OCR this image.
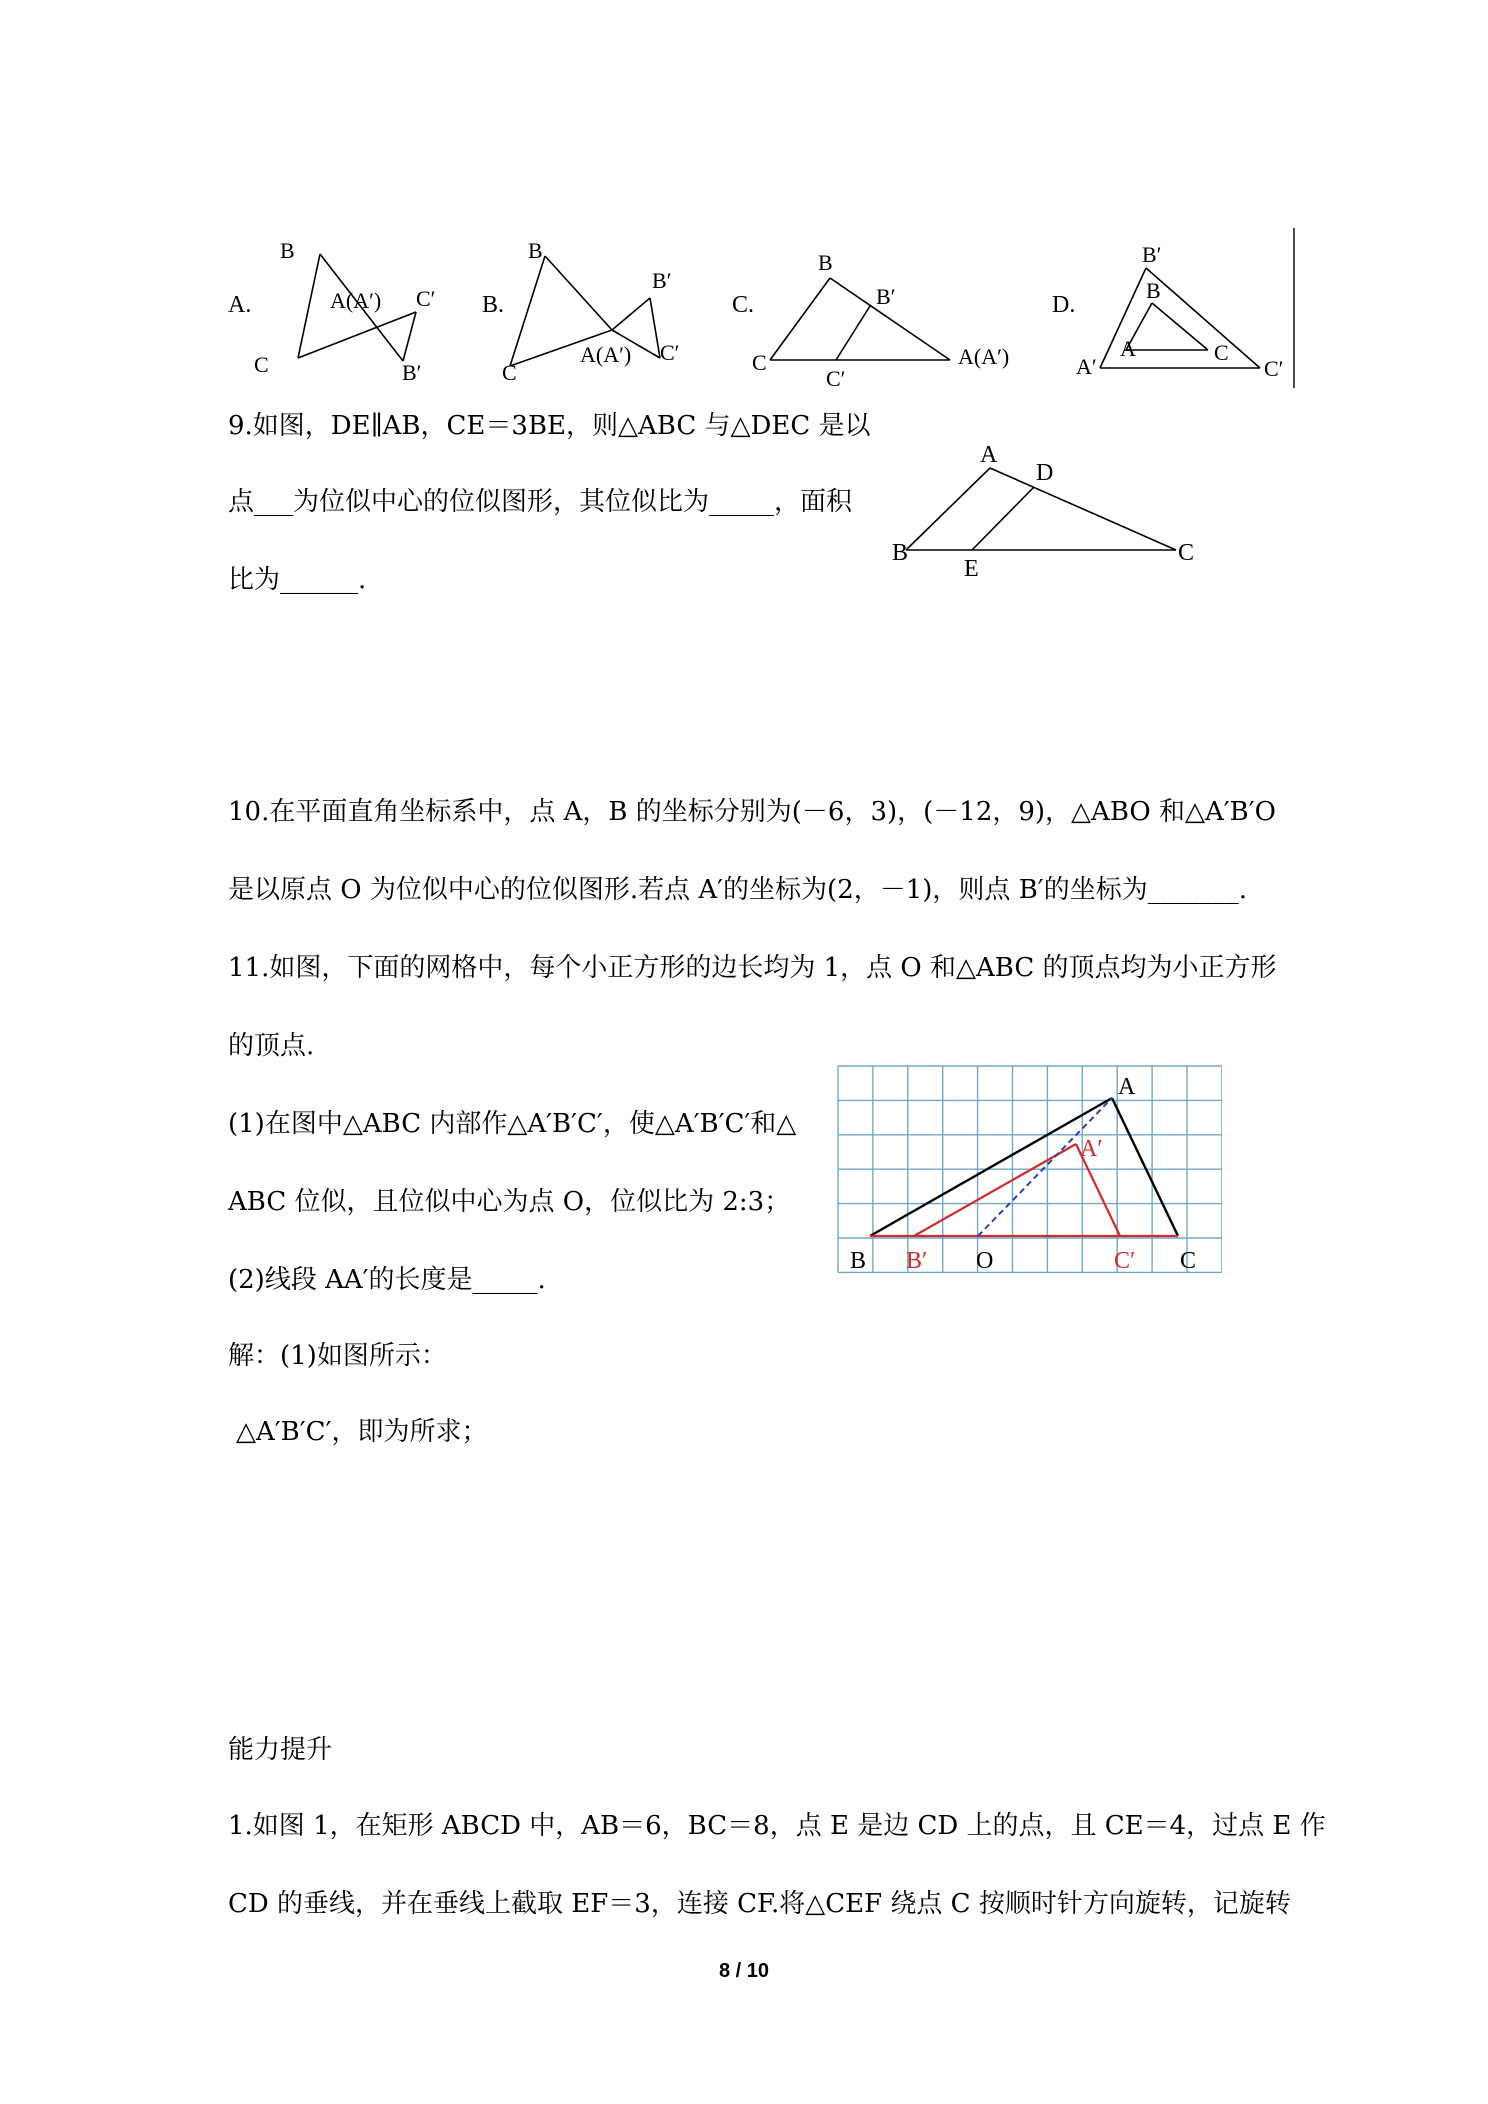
A.
B
A(A′) C′
C	B′
B.
B
B′
C
A(A′) C′
C.
B
B′
C
C′
A(A′)
D.
B′
B
A	C
A′	C′
9.如图，DE∥AB，CE＝3BE，则△ABC 与△DEC 是以
点___为位似中心的位似图形，其位似比为_____，面积
比为______.
A
D
B
E
C
10.在平面直角坐标系中，点 A，B 的坐标分别为(－6，3)，(－12，9)，△ABO 和△A′B′O
是以原点 O 为位似中心的位似图形.若点 A′的坐标为(2，－1)，则点 B′的坐标为_______.
11.如图，下面的网格中，每个小正方形的边长均为 1，点 O 和△ABC 的顶点均为小正方形
的顶点.
(1)在图中△ABC 内部作△A′B′C′，使△A′B′C′和△
ABC 位似，且位似中心为点 O，位似比为 2:3；
(2)线段 AA′的长度是_____.
解：(1)如图所示：
△A′B′C′，即为所求；
A
A′
B B′ O	C′ C
能力提升
1.如图 1，在矩形 ABCD 中，AB＝6，BC＝8，点 E 是边 CD 上的点，且 CE＝4，过点 E 作
CD 的垂线，并在垂线上截取 EF＝3，连接 CF.将△CEF 绕点 C 按顺时针方向旋转，记旋转
8 / 10
